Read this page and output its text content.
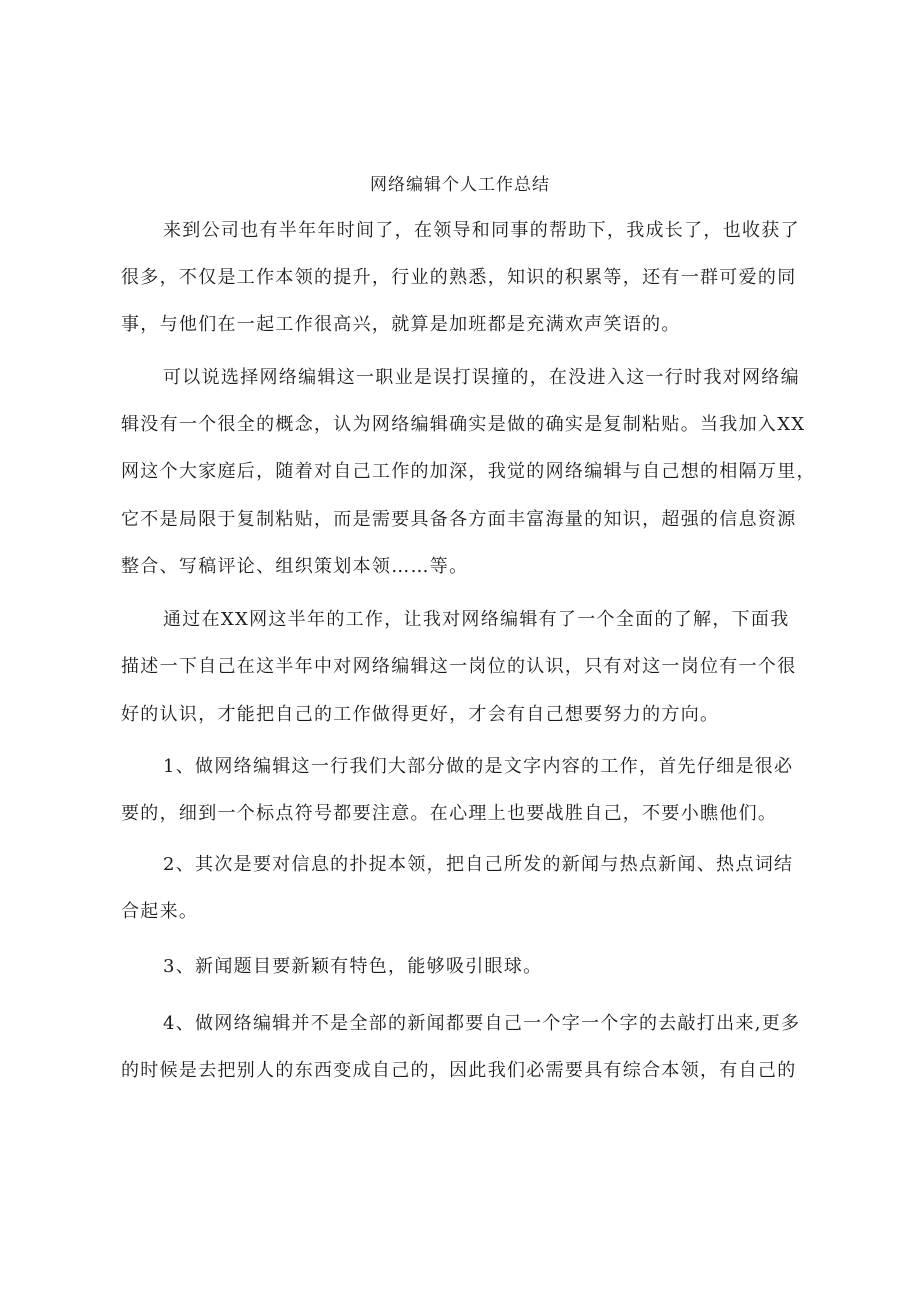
网络编辑个人工作总结
来到公司也有半年年时间了，在领导和同事的帮助下，我成长了，也收获了
很多，不仅是工作本领的提升，行业的熟悉，知识的积累等，还有一群可爱的同
事，与他们在一起工作很高兴，就算是加班都是充满欢声笑语的。
可以说选择网络编辑这一职业是误打误撞的，在没进入这一行时我对网络编
辑没有一个很全的概念，认为网络编辑确实是做的确实是复制粘贴。当我加入XX
网这个大家庭后，随着对自己工作的加深，我觉的网络编辑与自己想的相隔万里，
它不是局限于复制粘贴，而是需要具备各方面丰富海量的知识，超强的信息资源
整合、写稿评论、组织策划本领……等。
通过在XX网这半年的工作，让我对网络编辑有了一个全面的了解，下面我
描述一下自己在这半年中对网络编辑这一岗位的认识，只有对这一岗位有一个很
好的认识，才能把自己的工作做得更好，才会有自己想要努力的方向。
1、做网络编辑这一行我们大部分做的是文字内容的工作，首先仔细是很必
要的，细到一个标点符号都要注意。在心理上也要战胜自己，不要小瞧他们。
2、其次是要对信息的扑捉本领，把自己所发的新闻与热点新闻、热点词结
合起来。
3、新闻题目要新颖有特色，能够吸引眼球。
4、做网络编辑并不是全部的新闻都要自己一个字一个字的去敲打出来,更多
的时候是去把别人的东西变成自己的，因此我们必需要具有综合本领，有自己的
